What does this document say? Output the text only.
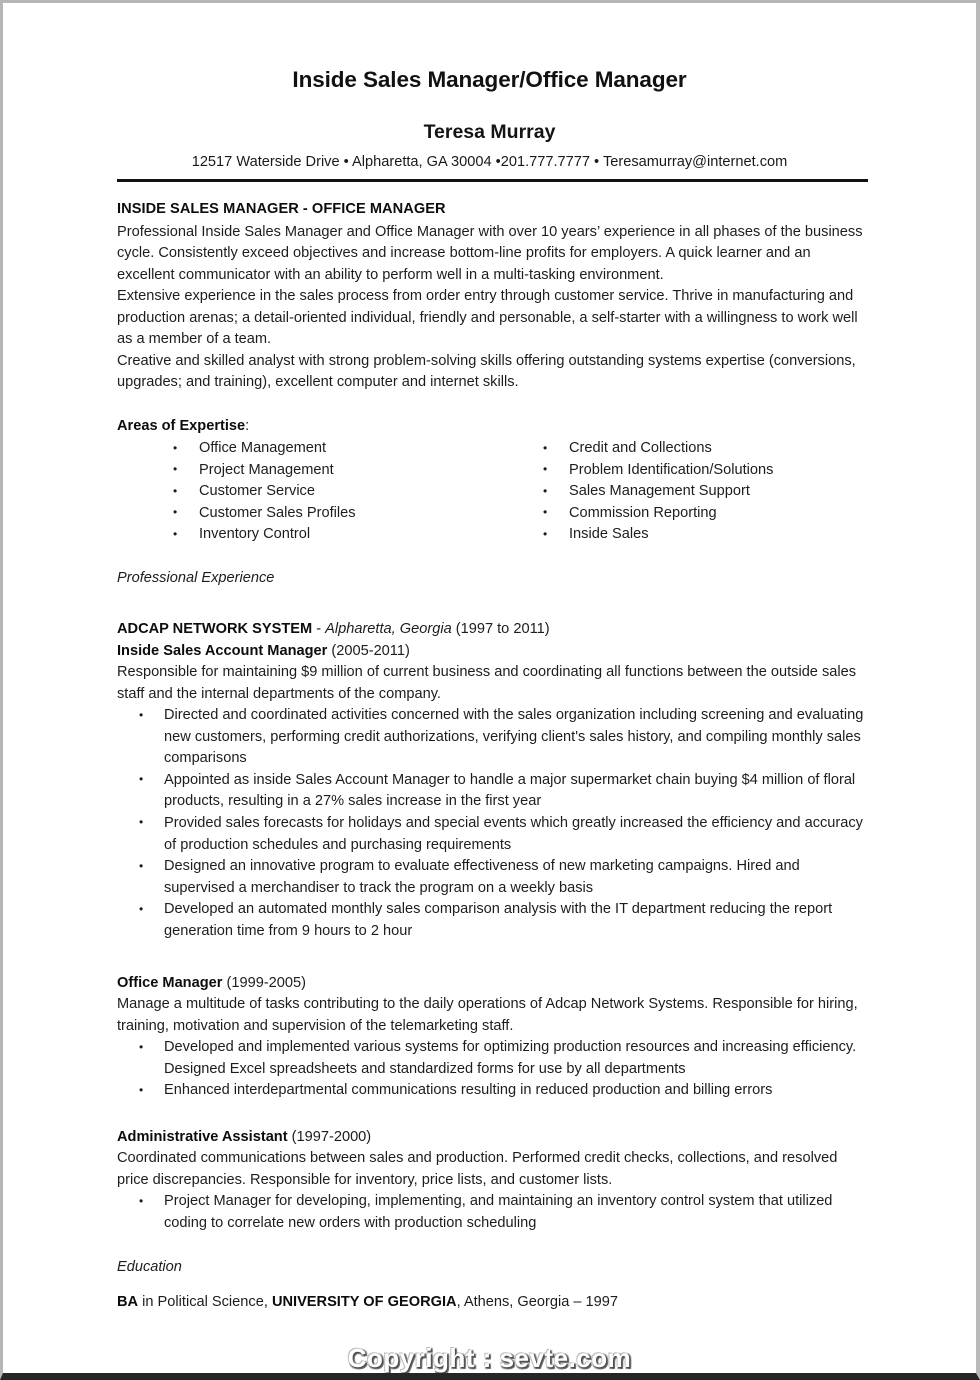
Inside Sales Manager/Office Manager
Teresa Murray
12517 Waterside Drive • Alpharetta, GA 30004 •201.777.7777 • Teresamurray@internet.com
INSIDE SALES MANAGER - OFFICE MANAGER

Professional Inside Sales Manager and Office Manager with over 10 years’ experience in all phases of the business cycle. Consistently exceed objectives and increase bottom-line profits for employers. A quick learner and an excellent communicator with an ability to perform well in a multi-tasking environment.

Extensive experience in the sales process from order entry through customer service. Thrive in manufacturing and production arenas; a detail-oriented individual, friendly and personable, a self-starter with a willingness to work well as a member of a team.

Creative and skilled analyst with strong problem-solving skills offering outstanding systems expertise (conversions, upgrades; and training), excellent computer and internet skills.

Areas of Expertise:

• Office Management
• Project Management
• Customer Service
• Customer Sales Profiles
• Inventory Control
• Credit and Collections
• Problem Identification/Solutions
• Sales Management Support
• Commission Reporting
• Inside Sales

Professional Experience

ADCAP NETWORK SYSTEM - Alpharetta, Georgia (1997 to 2011)

Inside Sales Account Manager (2005-2011)

Responsible for maintaining $9 million of current business and coordinating all functions between the outside sales staff and the internal departments of the company.

• Directed and coordinated activities concerned with the sales organization including screening and evaluating new customers, performing credit authorizations, verifying client's sales history, and compiling monthly sales comparisons
• Appointed as inside Sales Account Manager to handle a major supermarket chain buying $4 million of floral products, resulting in a 27% sales increase in the first year
• Provided sales forecasts for holidays and special events which greatly increased the efficiency and accuracy of production schedules and purchasing requirements
• Designed an innovative program to evaluate effectiveness of new marketing campaigns. Hired and supervised a merchandiser to track the program on a weekly basis
• Developed an automated monthly sales comparison analysis with the IT department reducing the report generation time from 9 hours to 2 hour

Office Manager (1999-2005)

Manage a multitude of tasks contributing to the daily operations of Adcap Network Systems. Responsible for hiring, training, motivation and supervision of the telemarketing staff.

• Developed and implemented various systems for optimizing production resources and increasing efficiency. Designed Excel spreadsheets and standardized forms for use by all departments
• Enhanced interdepartmental communications resulting in reduced production and billing errors

Administrative Assistant (1997-2000)

Coordinated communications between sales and production. Performed credit checks, collections, and resolved price discrepancies. Responsible for inventory, price lists, and customer lists.

• Project Manager for developing, implementing, and maintaining an inventory control system that utilized coding to correlate new orders with production scheduling

Education

BA in Political Science, UNIVERSITY OF GEORGIA, Athens, Georgia – 1997

Copyright : sevte.com
